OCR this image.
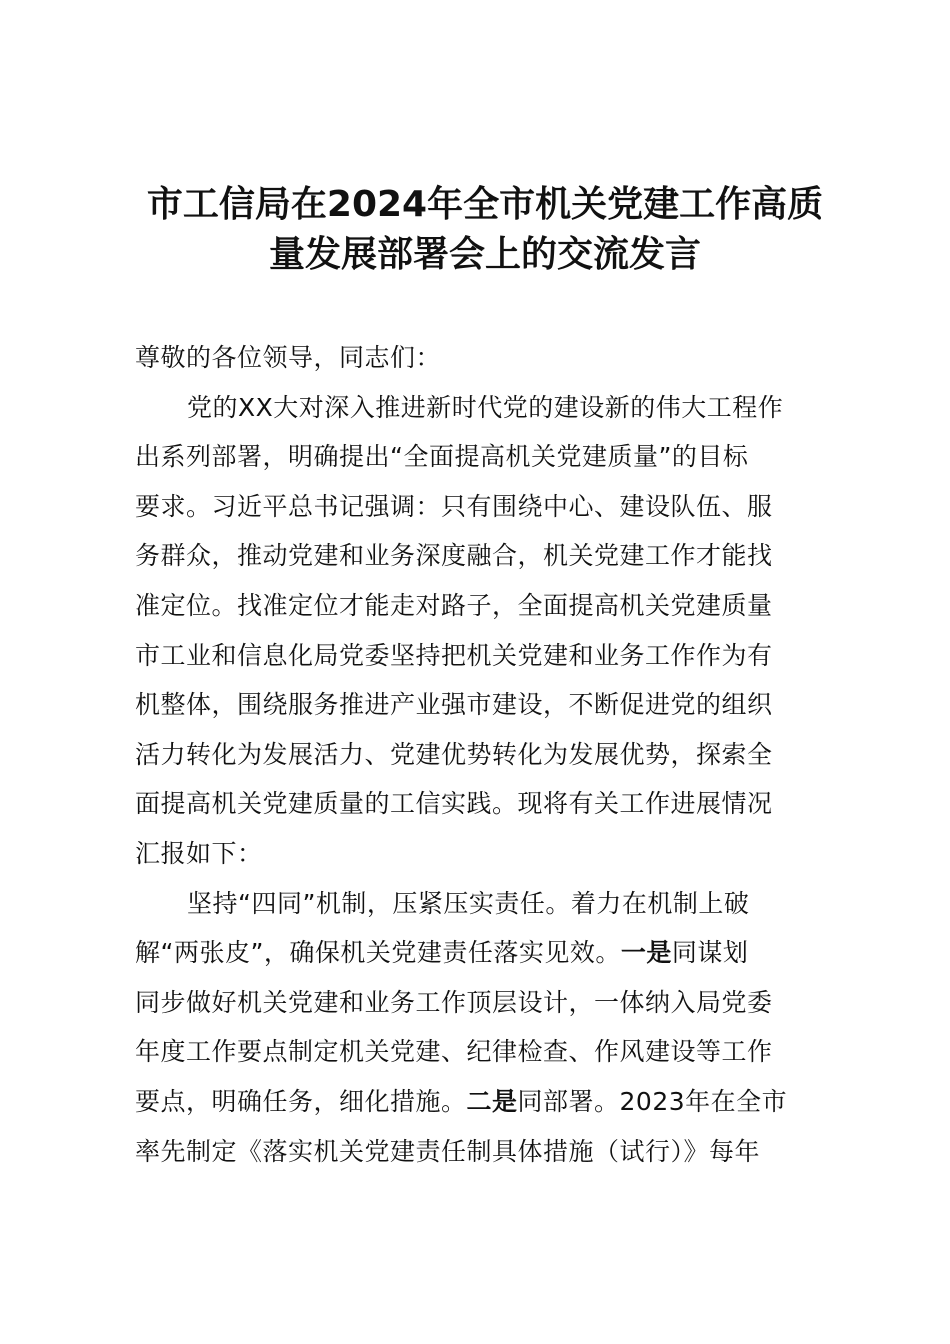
市工信局在2024年全市机关党建工作高质
量发展部署会上的交流发言
尊敬的各位领导，同志们：
党的XX大对深入推进新时代党的建设新的伟大工程作
出系列部署，明确提出“全面提高机关党建质量”的目标
要求。习近平总书记强调：只有围绕中心、建设队伍、服
务群众，推动党建和业务深度融合，机关党建工作才能找
准定位。找准定位才能走对路子，全面提高机关党建质量
市工业和信息化局党委坚持把机关党建和业务工作作为有
机整体，围绕服务推进产业强市建设，不断促进党的组织
活力转化为发展活力、党建优势转化为发展优势，探索全
面提高机关党建质量的工信实践。现将有关工作进展情况
汇报如下：
坚持“四同”机制，压紧压实责任。着力在机制上破
解“两张皮”，确保机关党建责任落实见效。一是同谋划
同步做好机关党建和业务工作顶层设计，一体纳入局党委
年度工作要点制定机关党建、纪律检查、作风建设等工作
要点，明确任务，细化措施。二是同部署。2023年在全市
率先制定《落实机关党建责任制具体措施（试行）》每年
